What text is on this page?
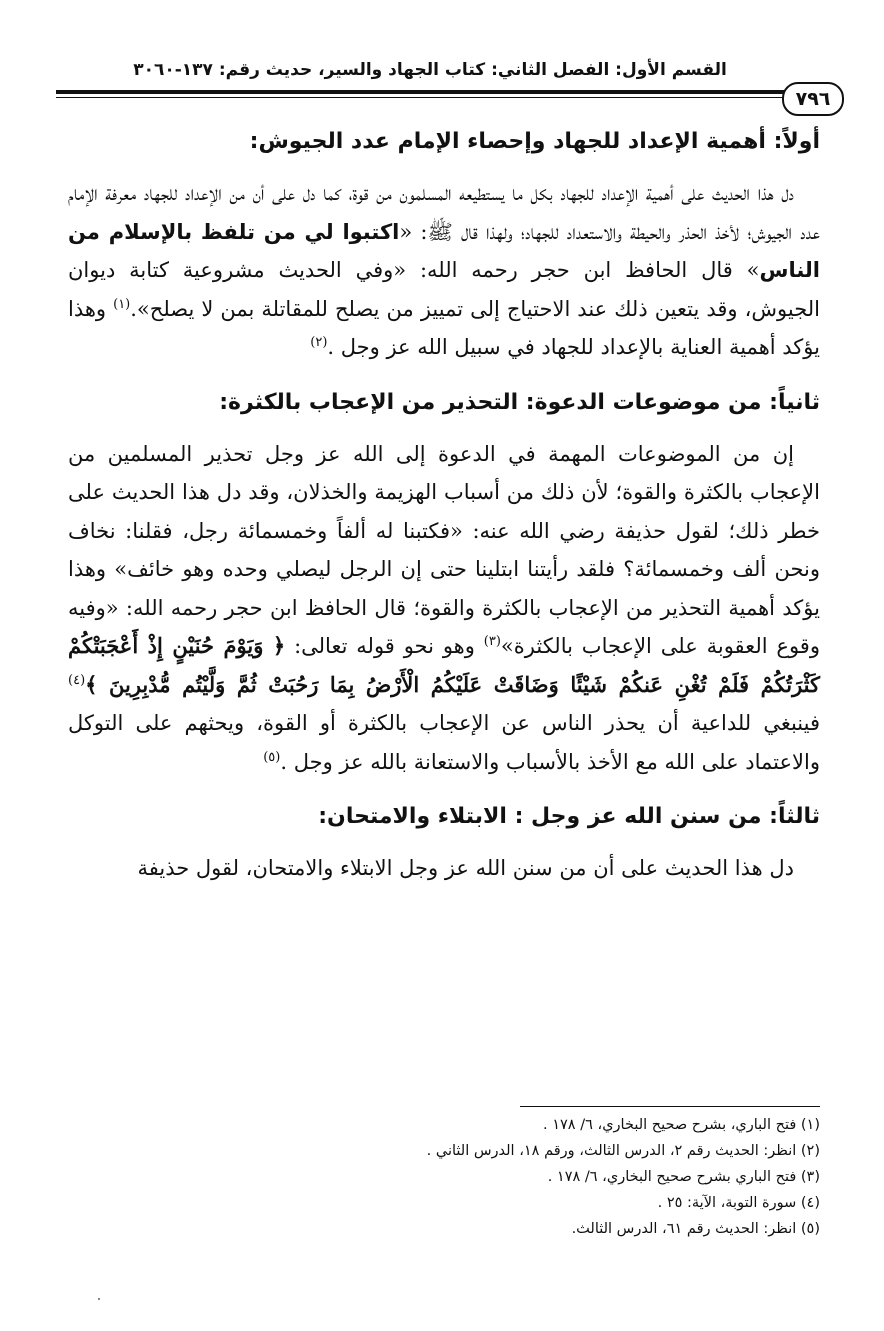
القسم الأول: الفصل الثاني: كتاب الجهاد والسير، حديث رقم: ١٣٧-٣٠٦٠
٧٩٦
أولاً: أهمية الإعداد للجهاد وإحصاء الإمام عدد الجيوش:

دل هذا الحديث على أهمية الإعداد للجهاد بكل ما يستطيعه المسلمون من قوة، كما دل على أن من الإعداد للجهاد معرفة الإمام عدد الجيوش؛ لأخذ الحذر والحيطة والاستعداد للجهاد؛ ولهذا قال ﷺ: «اكتبوا لي من تلفظ بالإسلام من الناس» قال الحافظ ابن حجر رحمه الله: «وفي الحديث مشروعية كتابة ديوان الجيوش، وقد يتعين ذلك عند الاحتياج إلى تمييز من يصلح للمقاتلة بمن لا يصلح».$^{(١)}$ وهذا يؤكد أهمية العناية بالإعداد للجهاد في سبيل الله عز وجل .$^{(٢)}$

ثانياً: من موضوعات الدعوة: التحذير من الإعجاب بالكثرة:

إن من الموضوعات المهمة في الدعوة إلى الله عز وجل تحذير المسلمين من الإعجاب بالكثرة والقوة؛ لأن ذلك من أسباب الهزيمة والخذلان، وقد دل هذا الحديث على خطر ذلك؛ لقول حذيفة رضي الله عنه: «فكتبنا له ألفاً وخمسمائة رجل، فقلنا: نخاف ونحن ألف وخمسمائة؟ فلقد رأيتنا ابتلينا حتى إن الرجل ليصلي وحده وهو خائف» وهذا يؤكد أهمية التحذير من الإعجاب بالكثرة والقوة؛ قال الحافظ ابن حجر رحمه الله: «وفيه وقوع العقوبة على الإعجاب بالكثرة»$^{(٣)}$ وهو نحو قوله تعالى: ﴿ وَيَوْمَ حُنَيْنٍ إِذْ أَعْجَبَتْكُمْ كَثْرَتُكُمْ فَلَمْ تُغْنِ عَنكُمْ شَيْئًا وَضَاقَتْ عَلَيْكُمُ الْأَرْضُ بِمَا رَحُبَتْ ثُمَّ وَلَّيْتُم مُّدْبِرِينَ ﴾$^{(٤)}$ فينبغي للداعية أن يحذر الناس عن الإعجاب بالكثرة أو القوة، ويحثهم على التوكل والاعتماد على الله مع الأخذ بالأسباب والاستعانة بالله عز وجل .$^{(٥)}$

ثالثاً: من سنن الله عز وجل : الابتلاء والامتحان:

دل هذا الحديث على أن من سنن الله عز وجل الابتلاء والامتحان، لقول حذيفة

(١) فتح الباري، بشرح صحيح البخاري، ٦/ ١٧٨ .
(٢) انظر: الحديث رقم ٢، الدرس الثالث، ورقم ١٨، الدرس الثاني .
(٣) فتح الباري بشرح صحيح البخاري، ٦/ ١٧٨ .
(٤) سورة التوبة، الآية: ٢٥ .
(٥) انظر: الحديث رقم ٦١، الدرس الثالث.
